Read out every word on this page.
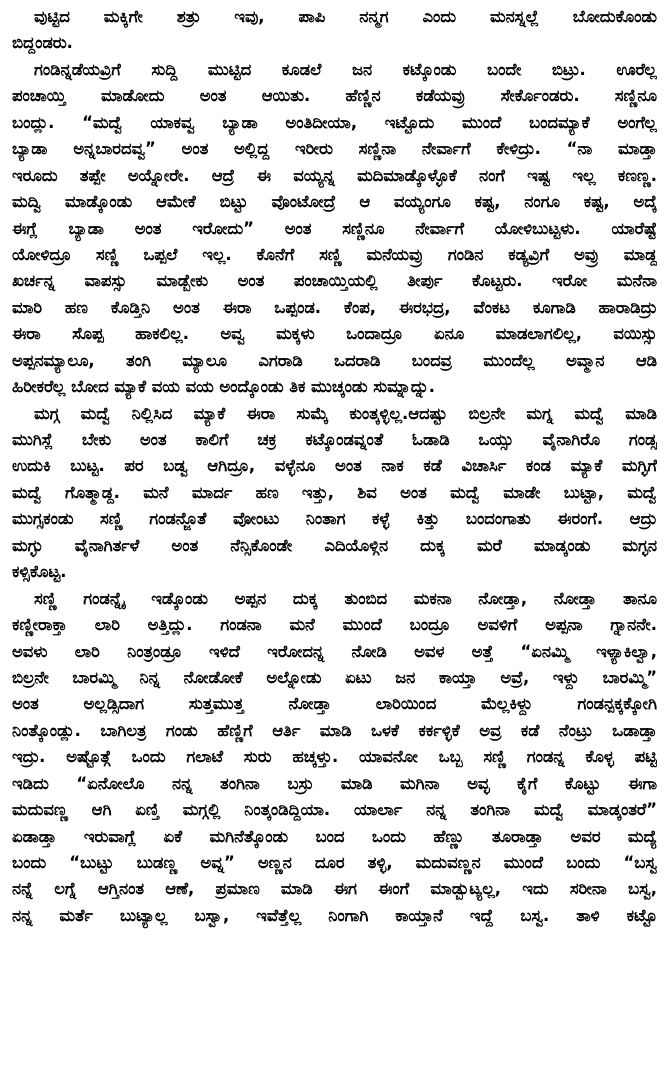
ವುಟ್ಟಿದ ಮಕ್ಕಿಗೇ ಶತ್ರು ಇವು, ಪಾಪಿ ನನ್ಮಗ ಎಂದು ಮನಸ್ನಲ್ಲೆ ಬೋದುಕೊಂಡು
ಬಿದ್ದಂಡರು.
ಗಂಡಿನ್ನಡೆಯವ್ರಿಗೆ ಸುದ್ದಿ ಮುಟ್ಟಿದ ಕೂಡಲೆ ಜನ ಕಟ್ಕೊಂಡು ಬಂದೇ ಬಿಟ್ರು. ಊರೆಲ್ಲ
ಪಂಚಾಯ್ತಿ ಮಾಡೋದು ಅಂತ ಆಯಿತು. ಹೆಣ್ಣಿನ ಕಡೆಯವ್ರು ಸೇರ್ಕೊಂಡರು. ಸಣ್ಣಿನೂ
ಬಂದ್ಲು. “ಮದ್ವೆ ಯಾಕವ್ವ ಬ್ಯಾಡಾ ಅಂತಿದೀಯಾ, ಇಟ್ಟೊದು ಮುಂದೆ ಬಂದಮ್ಯಾಕೆ ಅಂಗೆಲ್ಲ
ಬ್ಯಾಡಾ ಅನ್ನಬಾರದವ್ವ” ಅಂತ ಅಲ್ಲಿದ್ದ ಇರೀರು ಸಣ್ಣಿನಾ ನೇರ್ವಾಗೆ ಕೇಳಿದ್ರು. “ನಾ ಮಾಡ್ತಾ
ಇರೂದು ತಪ್ಪೇ ಅಯ್ನೋರೇ. ಆದ್ರೆ ಈ ವಯ್ಯನ್ನ ಮದಿಮಾಡ್ಕೊಳ್ಳೊಕೆ ನಂಗೆ ಇಷ್ಟ ಇಲ್ಲ ಕಣಣ್ಣ.
ಮದ್ವಿ ಮಾಡ್ಕೊಂಡು ಆಮೇಕೆ ಬಿಟ್ಟು ವೊಂಟೋದ್ರೆ ಆ ವಯ್ಯಂಗೂ ಕಷ್ಟ, ನಂಗೂ ಕಷ್ಟ, ಅದ್ಕೆ
ಈಗ್ಲೆ ಬ್ಯಾಡಾ ಅಂತ ಇರೋದು” ಅಂತ ಸಣ್ಣಿನೂ ನೇರ್ವಾಗೆ ಯೋಳಿಬುಟ್ಟಳು. ಯಾರೆಷ್ಟೆ
ಯೋಳಿದ್ರೂ ಸಣ್ಣಿ ಒಪ್ಪಲೆ ಇಲ್ಲ. ಕೊನೆಗೆ ಸಣ್ಣಿ ಮನೆಯವ್ರು ಗಂಡಿನ ಕಡ್ಯವ್ರಿಗೆ ಅವ್ರು ಮಾಡ್ದ
ಖರ್ಚನ್ನ ವಾಪಸ್ಸು ಮಾಡ್ಬೇಕು ಅಂತ ಪಂಚಾಯ್ತಿಯಲ್ಲಿ ತೀರ್ಪು ಕೊಟ್ಟರು. ಇರೋ ಮನೆನಾ
ಮಾರಿ ಹಣ ಕೊಡ್ತಿನಿ ಅಂತ ಈರಾ ಒಪ್ಪಂಡ. ಕೆಂಪ, ಈರಭದ್ರ, ವೆಂಕಟ ಕೂಗಾಡಿ ಹಾರಾಡಿದ್ರು
ಈರಾ ಸೊಪ್ಪ ಹಾಕಲಿಲ್ಲ. ಅವ್ವ ಮಕ್ಕಳು ಒಂದಾದ್ರೂ ಏನೂ ಮಾಡಲಾಗಲಿಲ್ಲ, ವಯಿಸ್ಸು
ಅಪ್ಪನಮ್ಯಾಲೂ, ತಂಗಿ ಮ್ಯಾಲೂ ಎಗರಾಡಿ ಒದರಾಡಿ ಬಂದವ್ರ ಮುಂದೆಲ್ಲ ಅವ್ಮಾನ ಆಡಿ
ಹಿರೀಕರೆಲ್ಲ ಬೋದ ಮ್ಯಾಕೆ ವಯ ವಯ ಅಂದ್ಕೊಂಡು ತಿಕ ಮುಚ್ಕಂಡು ಸುಮ್ನಾದ್ನು.
ಮಗ್ಗ ಮದ್ವೆ ನಿಲ್ಲಿಸಿದ ಮ್ಯಾಕೆ ಈರಾ ಸುಮ್ಕೆ ಕುಂತ್ಕಳ್ಳಿಲ್ಲ.ಆದಷ್ಟು ಬಿಲ್ರನೇ ಮಗ್ನ ಮದ್ವೆ ಮಾಡಿ
ಮುಗಿಸ್ಲೆ ಬೇಕು ಅಂತ ಕಾಲಿಗೆ ಚಕ್ರ ಕಟ್ಕೊಂಡವ್ನಂತೆ ಓಡಾಡಿ ಒಯ್ಸು ವೈನಾಗಿರೊ ಗಂಡ್ಸ
ಉದುಕಿ ಬುಟ್ಟ. ಪರ ಬಡ್ವ ಆಗಿದ್ರೂ, ವಳ್ಳೆನೂ ಅಂತ ನಾಕ ಕಡೆ ವಿಚಾರ್ಸಿ ಕಂಡ ಮ್ಯಾಕೆ ಮಗ್ಳಿಗೆ
ಮದ್ವೆ ಗೊತ್ಮಾಡ್ದ. ಮನೆ ಮಾರ್ದ ಹಣ ಇತ್ತು, ಶಿವ ಅಂತ ಮದ್ವೆ ಮಾಡೇ ಬುಟ್ಟಾ, ಮದ್ವೆ
ಮುಗ್ಸಕಂಡು ಸಣ್ಣಿ ಗಂಡನ್ಜೊತೆ ವೋಂಟು ನಿಂತಾಗ ಕಳ್ಳೆ ಕಿತ್ತು ಬಂದಂಗಾತು ಈರಂಗೆ. ಆದ್ರು
ಮಗ್ಳು ವೈನಾಗಿರ್ತಳೆ ಅಂತ ನೆನ್ಸಿಕೊಂಡೇ ಎದಿಯೊಳ್ಗಿನ ದುಕ್ಕ ಮರೆ ಮಾಡ್ಕಂಡು ಮಗ್ಳನ
ಕಳ್ಸಿಕೊಟ್ಟ.
ಸಣ್ಣಿ ಗಂಡನ್ನೈ ಇಡ್ಕೊಂಡು ಅಪ್ಪನ ದುಕ್ಕ ತುಂಬಿದ ಮಕನಾ ನೋಡ್ತಾ, ನೋಡ್ತಾ ತಾನೂ
ಕಣ್ಣೀರಾಕ್ತಾ ಲಾರಿ ಅತ್ತಿದ್ಲು. ಗಂಡನಾ ಮನೆ ಮುಂದೆ ಬಂದ್ರೂ ಅವಳಿಗೆ ಅಪ್ಪನಾ ಗ್ನಾನನೇ.
ಅವಳು ಲಾರಿ ನಿಂತ್ರಂಡ್ರೂ ಇಳಿದೆ ಇರೋದನ್ನ ನೋಡಿ ಅವಳ ಅತ್ತೆ “ಏನಮ್ಮಿ ಇಳ್ಯಾಕಿಲ್ವಾ,
ಬಿಲ್ರನೇ ಬಾರಮ್ಮಿ ನಿನ್ನ ನೋಡೋಕೆ ಅಲ್ನೋಡು ಏಟು ಜನ ಕಾಯ್ತಾ ಅವ್ರೆ, ಇಳ್ದು ಬಾರಮ್ಮಿ”
ಅಂತ ಅಲ್ಲಡ್ಸಿದಾಗ ಸುತ್ತಮುತ್ತ ನೋಡ್ತಾ ಲಾರಿಯಿಂದ ಮೆಲ್ಲಕಿಳ್ದು ಗಂಡನ್ಪಕ್ಕಕ್ಕೋಗಿ
ನಿಂತ್ಕೊಂಡ್ಲು. ಬಾಗಿಲತ್ರ ಗಂಡು ಹೆಣ್ಣಿಗೆ ಆರ್ತಿ ಮಾಡಿ ಒಳಕೆ ಕರ್ಕಳ್ಳಿಕೆ ಅವ್ರ ಕಡೆ ನೆಂಟ್ರು ಒಡಾಡ್ತಾ
ಇದ್ರು. ಅಷ್ಟೊತ್ಗೆ ಒಂದು ಗಲಾಟೆ ಸುರು ಹಚ್ಕಳ್ತು. ಯಾವನೋ ಒಬ್ಬ ಸಣ್ಣಿ ಗಂಡನ್ನ ಕೊಳ್ಳ ಪಟ್ಟಿ
ಇಡಿದು “ಏನೋಲೊ ನನ್ನ ತಂಗಿನಾ ಬಸ್ರು ಮಾಡಿ ಮಗಿನಾ ಅವ್ಳ ಕೈಗೆ ಕೊಟ್ಟು ಈಗಾ
ಮದುವಣ್ಣ ಆಗಿ ಏಣ್ತಿ ಮಗ್ಗಲ್ಲಿ ನಿಂತ್ಕಂಡಿದ್ದಿಯಾ. ಯಾರ್ಲಾ ನನ್ನ ತಂಗಿನಾ ಮದ್ವೆ ಮಾಡ್ಕಂತರೆ”
ಏಡಾಡ್ತಾ ಇರುವಾಗ್ಲೆ ಏಕೆ ಮಗಿನೆತ್ಕೊಂಡು ಬಂದ ಒಂದು ಹೆಣ್ಣು ತೂರಾಡ್ತಾ ಅವರ ಮದ್ಯೆ
ಬಂದು “ಬುಟ್ಟು ಬುಡಣ್ಣ ಅವ್ನ” ಅಣ್ಣನ ದೂರ ತಳ್ಳಿ, ಮದುವಣ್ಣನ ಮುಂದೆ ಬಂದು “ಬಸ್ವ
ನನ್ನೆ ಲಗ್ನೆ ಆಗ್ತಿನಂತ ಆಣೆ, ಪ್ರಮಾಣ ಮಾಡಿ ಈಗ ಈಂಗೆ ಮಾಡ್ಬುಟ್ಯಲ್ಲ, ಇದು ಸರೀನಾ ಬಸ್ವ,
ನನ್ನ ಮರ್ತೆ ಬುಟ್ಯಾಲ್ಲ ಬಸ್ವಾ, ಇವೆತ್ತೆಲ್ಲ ನಿಂಗಾಗಿ ಕಾಯ್ತಾನೆ ಇದ್ದೆ ಬಸ್ವ. ತಾಳಿ ಕಟ್ಟೊ
